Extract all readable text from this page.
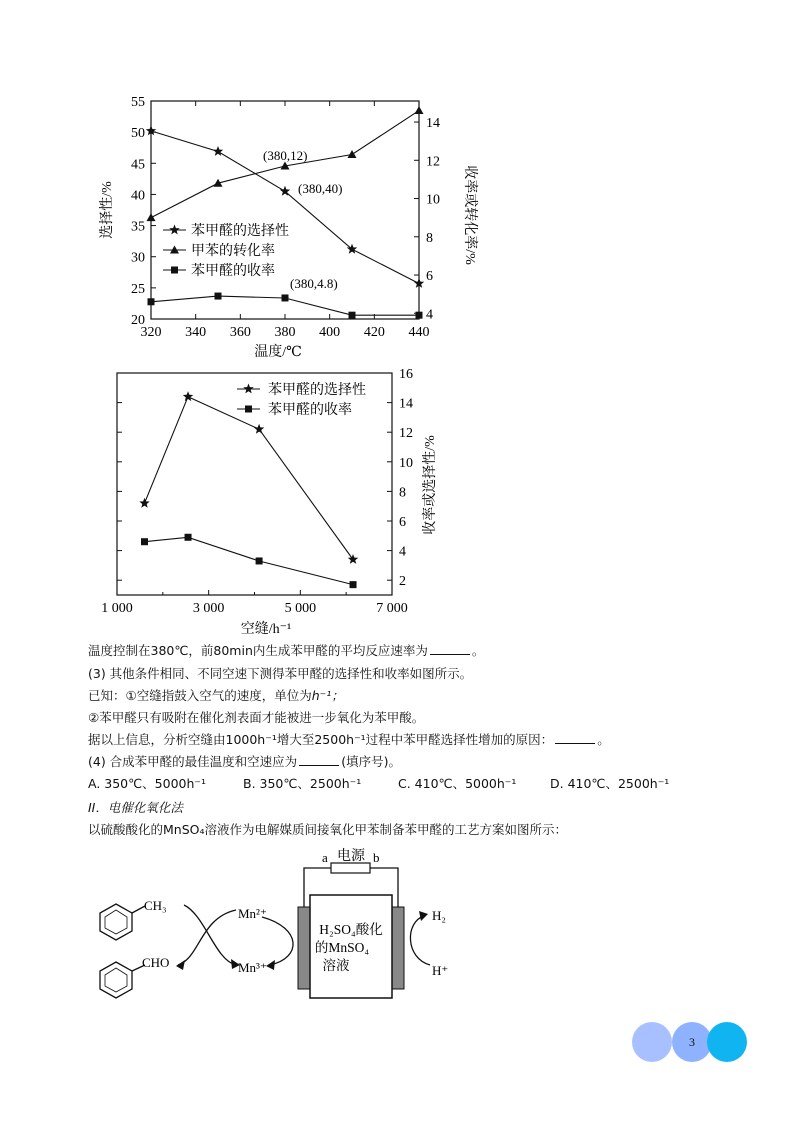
320 340 360 380 400 420 440
20
25
30
35
40
45
50
55
4
6
8
10
12
14
苯甲醛的选择性
甲苯的转化率
苯甲醛的收率
温度/℃
选择性/%	收率或转化率/%
(380,12)
(380,40)
(380,4.8)
1 000	3 000	5 000	7 000
2
4
6
8
10
12
14
16
苯甲醛的选择性
苯甲醛的收率
空缝/h⁻¹
收率或选择性/%
温度控制在380℃，前80min内生成苯甲醛的平均反应速率为	。
(3) 其他条件相同、不同空速下测得苯甲醛的选择性和收率如图所示。
已知：①空缝指鼓入空气的速度，单位为h⁻¹；
②苯甲醛只有吸附在催化剂表面才能被进一步氧化为苯甲酸。
据以上信息，分析空缝由1000h⁻¹增大至2500h⁻¹过程中苯甲醛选择性增加的原因：	。
(4) 合成苯甲醛的最佳温度和空速应为	(填序号)。
A. 350℃、5000h⁻¹	B. 350℃、2500h⁻¹	C. 410℃、5000h⁻¹	D. 410℃、2500h⁻¹
II．电催化氧化法
以硫酸酸化的MnSO₄溶液作为电解媒质间接氧化甲苯制备苯甲醛的工艺方案如图所示：
CH₃
CHO
Mn²⁺
Mn³⁺
电源
a	b
H₂SO₄酸化
的MnSO₄
溶液
H₂
H⁺
3
